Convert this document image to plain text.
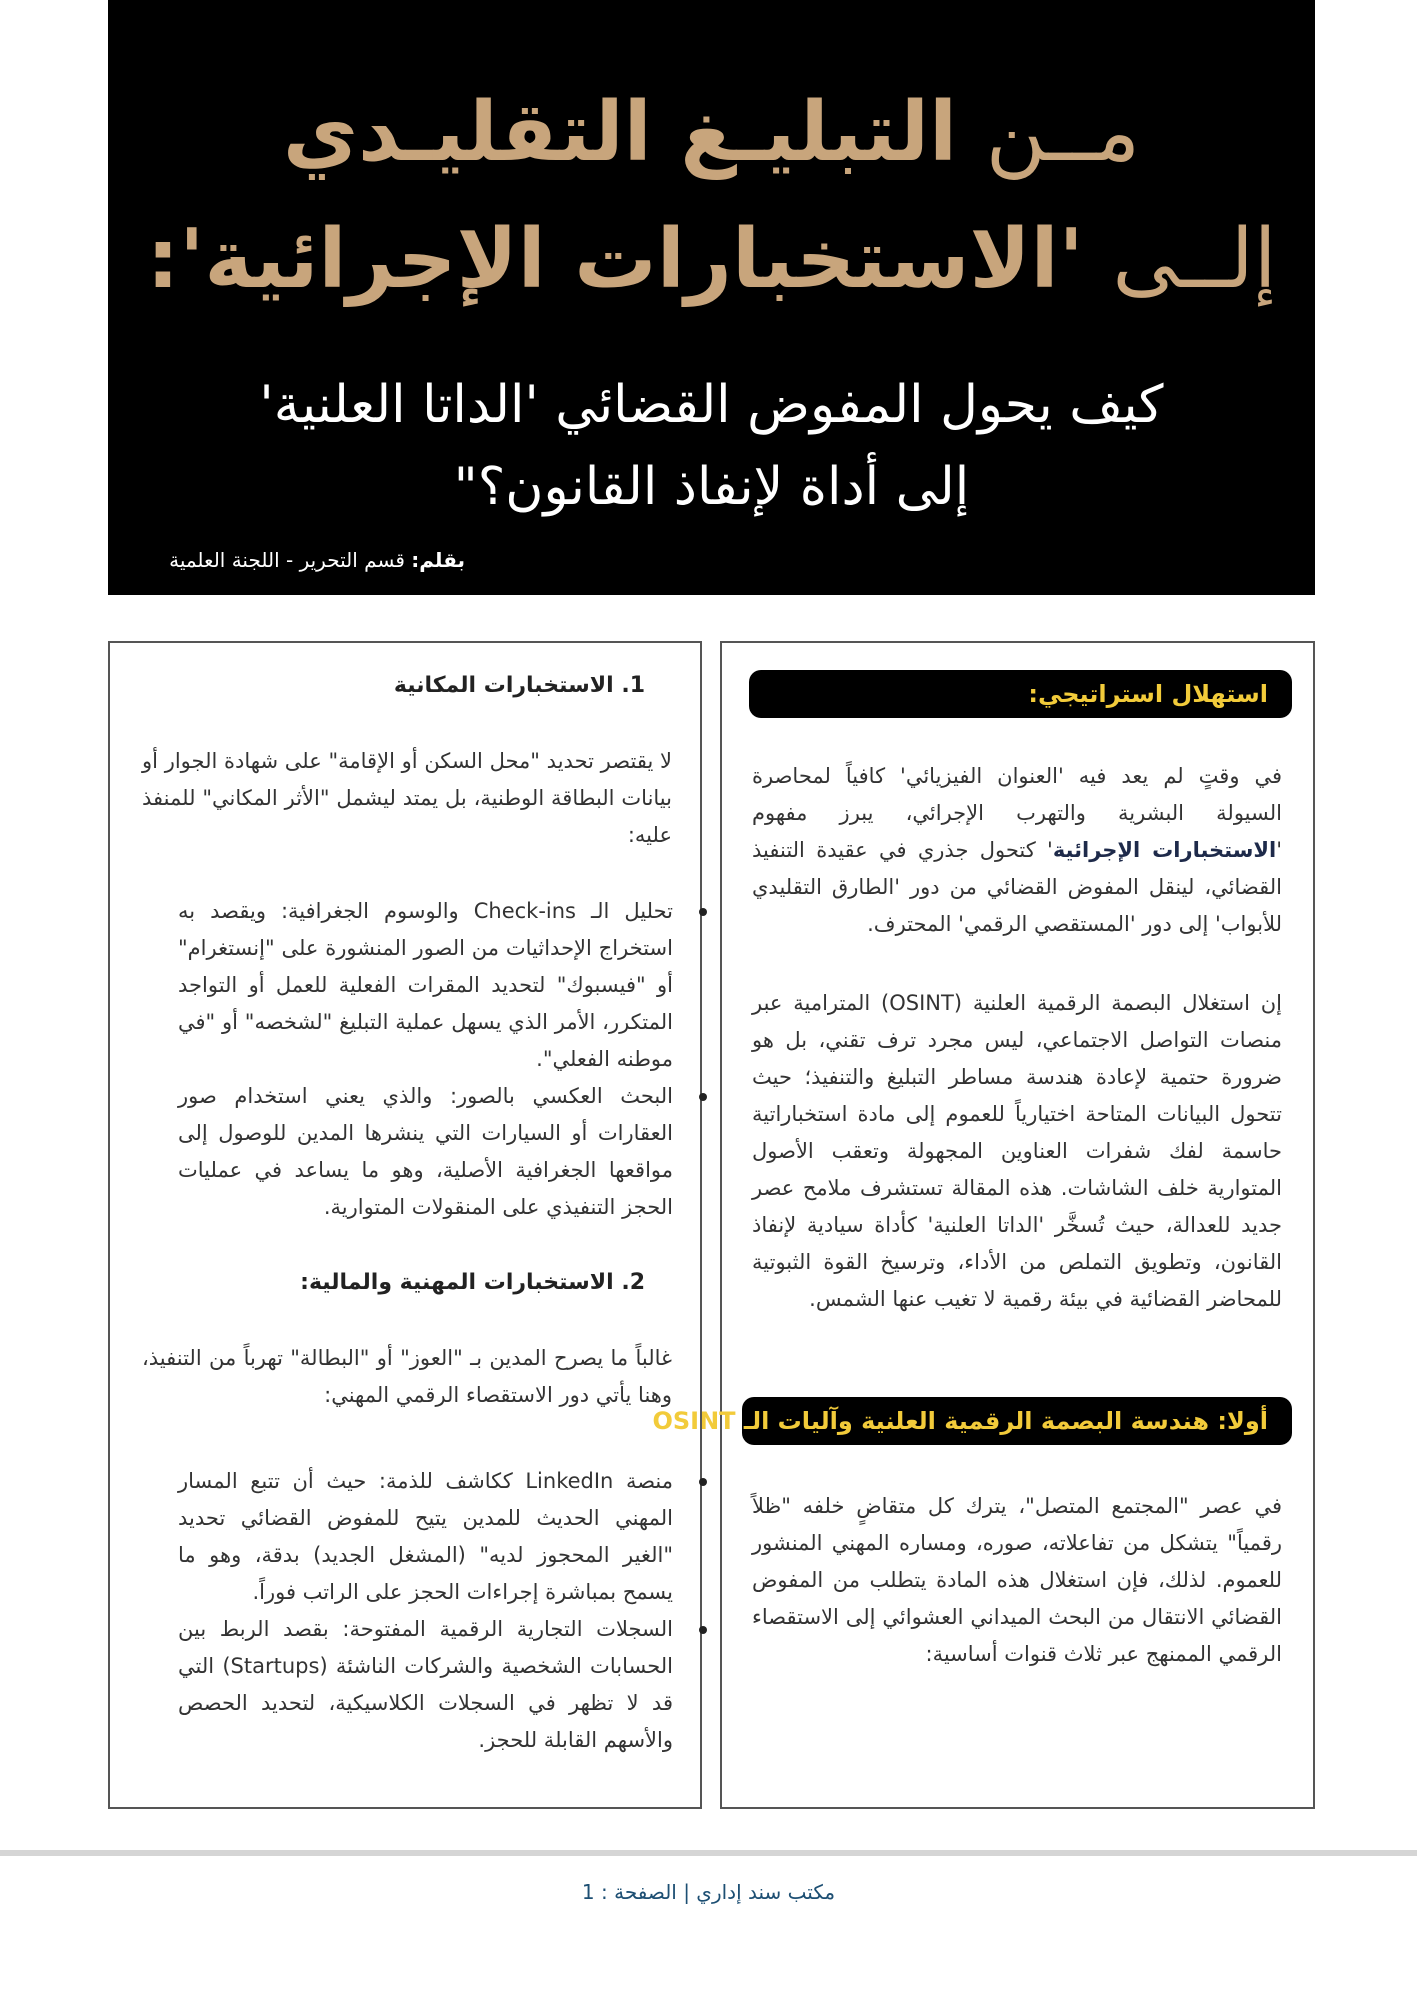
مــن التبليـغ التقليـدي
إلــى 'الاستخبارات الإجرائية':
كيف يحول المفوض القضائي 'الداتا العلنية'
إلى أداة لإنفاذ القانون؟"
بقلم: قسم التحرير - اللجنة العلمية
استهلال استراتيجي:
في وقتٍ لم يعد فيه 'العنوان الفيزيائي' كافياً لمحاصرة السيولة البشرية والتهرب الإجرائي، يبرز مفهوم 'الاستخبارات الإجرائية' كتحول جذري في عقيدة التنفيذ القضائي، لينقل المفوض القضائي من دور 'الطارق التقليدي للأبواب' إلى دور 'المستقصي الرقمي' المحترف.
إن استغلال البصمة الرقمية العلنية (OSINT) المترامية عبر منصات التواصل الاجتماعي، ليس مجرد ترف تقني، بل هو ضرورة حتمية لإعادة هندسة مساطر التبليغ والتنفيذ؛ حيث تتحول البيانات المتاحة اختيارياً للعموم إلى مادة استخباراتية حاسمة لفك شفرات العناوين المجهولة وتعقب الأصول المتوارية خلف الشاشات. هذه المقالة تستشرف ملامح عصر جديد للعدالة، حيث تُسخَّر 'الداتا العلنية' كأداة سيادية لإنفاذ القانون، وتطويق التملص من الأداء، وترسيخ القوة الثبوتية للمحاضر القضائية في بيئة رقمية لا تغيب عنها الشمس.
أولا: هندسة البصمة الرقمية العلنية وآليات الـ OSINT
في عصر "المجتمع المتصل"، يترك كل متقاضٍ خلفه "ظلاً رقمياً" يتشكل من تفاعلاته، صوره، ومساره المهني المنشور للعموم. لذلك، فإن استغلال هذه المادة يتطلب من المفوض القضائي الانتقال من البحث الميداني العشوائي إلى الاستقصاء الرقمي الممنهج عبر ثلاث قنوات أساسية:
1. الاستخبارات المكانية
لا يقتصر تحديد "محل السكن أو الإقامة" على شهادة الجوار أو بيانات البطاقة الوطنية، بل يمتد ليشمل "الأثر المكاني" للمنفذ عليه:
تحليل الـ Check-ins والوسوم الجغرافية: ويقصد به استخراج الإحداثيات من الصور المنشورة على "إنستغرام" أو "فيسبوك" لتحديد المقرات الفعلية للعمل أو التواجد المتكرر، الأمر الذي يسهل عملية التبليغ "لشخصه" أو "في موطنه الفعلي".
البحث العكسي بالصور: والذي يعني استخدام صور العقارات أو السيارات التي ينشرها المدين للوصول إلى مواقعها الجغرافية الأصلية، وهو ما يساعد في عمليات الحجز التنفيذي على المنقولات المتوارية.
2. الاستخبارات المهنية والمالية:
غالباً ما يصرح المدين بـ "العوز" أو "البطالة" تهرباً من التنفيذ، وهنا يأتي دور الاستقصاء الرقمي المهني:
منصة LinkedIn ككاشف للذمة: حيث أن تتبع المسار المهني الحديث للمدين يتيح للمفوض القضائي تحديد "الغير المحجوز لديه" (المشغل الجديد) بدقة، وهو ما يسمح بمباشرة إجراءات الحجز على الراتب فوراً.
السجلات التجارية الرقمية المفتوحة: بقصد الربط بين الحسابات الشخصية والشركات الناشئة (Startups) التي قد لا تظهر في السجلات الكلاسيكية، لتحديد الحصص والأسهم القابلة للحجز.
مكتب سند إداري | الصفحة : 1
